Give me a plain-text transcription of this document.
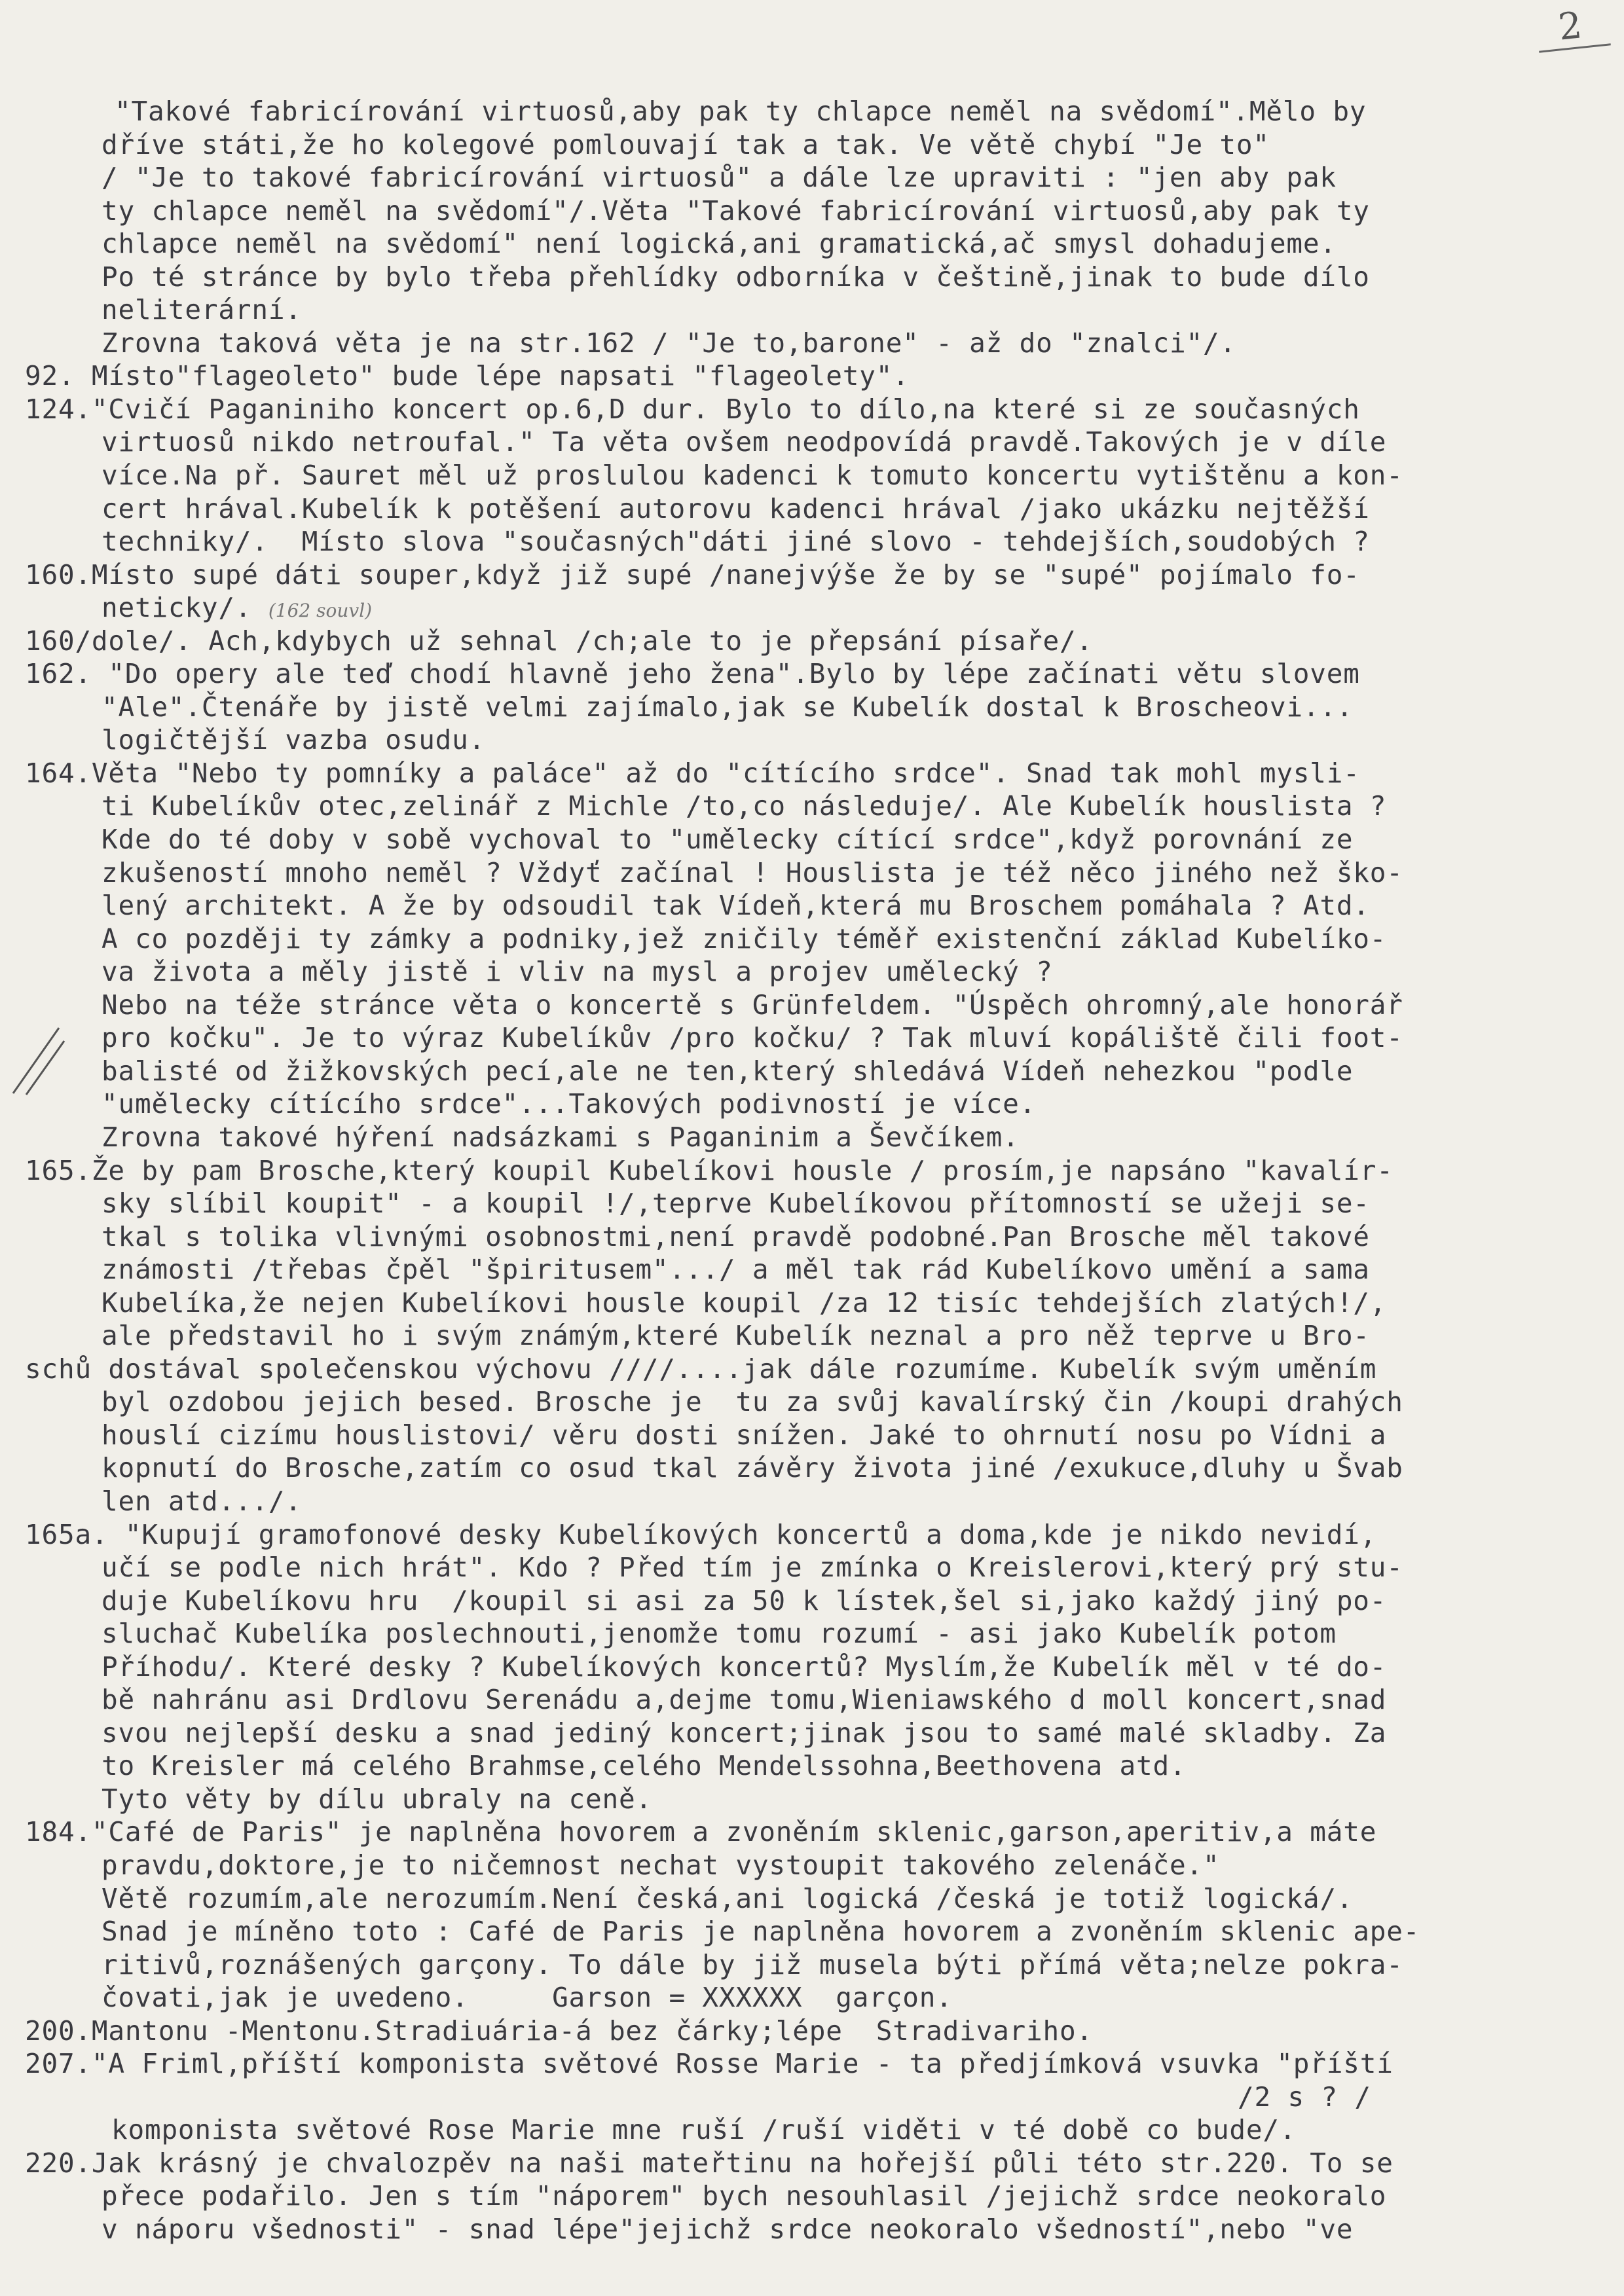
2
"Takové fabricírování virtuosů,aby pak ty chlapce neměl na svědomí".Mělo by
dříve státi,že ho kolegové pomlouvají tak a tak. Ve větě chybí "Je to"
/ "Je to takové fabricírování virtuosů" a dále lze upraviti : "jen aby pak
ty chlapce neměl na svědomí"/.Věta "Takové fabricírování virtuosů,aby pak ty
chlapce neměl na svědomí" není logická,ani gramatická,ač smysl dohadujeme.
Po té stránce by bylo třeba přehlídky odborníka v češtině,jinak to bude dílo
neliterární.
Zrovna taková věta je na str.162 / "Je to,barone" - až do "znalci"/.
92. Místo"flageoleto" bude lépe napsati "flageolety".
124."Cvičí Paganiniho koncert op.6,D dur. Bylo to dílo,na které si ze současných
virtuosů nikdo netroufal." Ta věta ovšem neodpovídá pravdě.Takových je v díle
více.Na př. Sauret měl už proslulou kadenci k tomuto koncertu vytištěnu a kon-
cert hrával.Kubelík k potěšení autorovu kadenci hrával /jako ukázku nejtěžší
techniky/.  Místo slova "současných"dáti jiné slovo - tehdejších,soudobých ?
160.Místo supé dáti souper,když již supé /nanejvýše že by se "supé" pojímalo fo-
neticky/. (162 souvl)
160/dole/. Ach,kdybych už sehnal /ch;ale to je přepsání písaře/.
162. "Do opery ale teď chodí hlavně jeho žena".Bylo by lépe začínati větu slovem
"Ale".Čtenáře by jistě velmi zajímalo,jak se Kubelík dostal k Broscheovi...
logičtější vazba osudu.
164.Věta "Nebo ty pomníky a paláce" až do "cítícího srdce". Snad tak mohl mysli-
ti Kubelíkův otec,zelinář z Michle /to,co následuje/. Ale Kubelík houslista ?
Kde do té doby v sobě vychoval to "umělecky cítící srdce",když porovnání ze
zkušeností mnoho neměl ? Vždyť začínal ! Houslista je též něco jiného než ško-
lený architekt. A že by odsoudil tak Vídeň,která mu Broschem pomáhala ? Atd.
A co později ty zámky a podniky,jež zničily téměř existenční základ Kubelíko-
va života a měly jistě i vliv na mysl a projev umělecký ?
Nebo na téže stránce věta o koncertě s Grünfeldem. "Úspěch ohromný,ale honorář
pro kočku". Je to výraz Kubelíkův /pro kočku/ ? Tak mluví kopáliště čili foot-
balisté od žižkovských pecí,ale ne ten,který shledává Vídeň nehezkou "podle
"umělecky cítícího srdce"...Takových podivností je více.
Zrovna takové hýření nadsázkami s Paganinim a Ševčíkem.
165.Že by pam Brosche,který koupil Kubelíkovi housle / prosím,je napsáno "kavalír-
sky slíbil koupit" - a koupil !/,teprve Kubelíkovou přítomností se užeji se-
tkal s tolika vlivnými osobnostmi,není pravdě podobné.Pan Brosche měl takové
známosti /třebas čpěl "špiritusem".../ a měl tak rád Kubelíkovo umění a sama
Kubelíka,že nejen Kubelíkovi housle koupil /za 12 tisíc tehdejších zlatých!/,
ale představil ho i svým známým,které Kubelík neznal a pro něž teprve u Bro-
schů dostával společenskou výchovu ////....jak dále rozumíme. Kubelík svým uměním
byl ozdobou jejich besed. Brosche je  tu za svůj kavalírský čin /koupi drahých
houslí cizímu houslistovi/ věru dosti snížen. Jaké to ohrnutí nosu po Vídni a
kopnutí do Brosche,zatím co osud tkal závěry života jiné /exukuce,dluhy u Švab
len atd.../.
165a. "Kupují gramofonové desky Kubelíkových koncertů a doma,kde je nikdo nevidí,
učí se podle nich hrát". Kdo ? Před tím je zmínka o Kreislerovi,který prý stu-
duje Kubelíkovu hru  /koupil si asi za 50 k lístek,šel si,jako každý jiný po-
sluchač Kubelíka poslechnouti,jenomže tomu rozumí - asi jako Kubelík potom
Příhodu/. Které desky ? Kubelíkových koncertů? Myslím,že Kubelík měl v té do-
bě nahránu asi Drdlovu Serenádu a,dejme tomu,Wieniawského d moll koncert,snad
svou nejlepší desku a snad jediný koncert;jinak jsou to samé malé skladby. Za
to Kreisler má celého Brahmse,celého Mendelssohna,Beethovena atd.
Tyto věty by dílu ubraly na ceně.
184."Café de Paris" je naplněna hovorem a zvoněním sklenic,garson,aperitiv,a máte
pravdu,doktore,je to ničemnost nechat vystoupit takového zelenáče."
Větě rozumím,ale nerozumím.Není česká,ani logická /česká je totiž logická/.
Snad je míněno toto : Café de Paris je naplněna hovorem a zvoněním sklenic ape-
ritivů,roznášených garçony. To dále by již musela býti přímá věta;nelze pokra-
čovati,jak je uvedeno.     Garson = XXXXXX  garçon.
200.Mantonu -Mentonu.Stradiuária-á bez čárky;lépe  Stradivariho.
207."A Friml,příští komponista světové Rosse Marie - ta předjímková vsuvka "příští
/2 s ? /
komponista světové Rose Marie mne ruší /ruší viděti v té době co bude/.
220.Jak krásný je chvalozpěv na naši mateřtinu na hořejší půli této str.220. To se
přece podařilo. Jen s tím "náporem" bych nesouhlasil /jejichž srdce neokoralo
v náporu všednosti" - snad lépe"jejichž srdce neokoralo všedností",nebo "ve
